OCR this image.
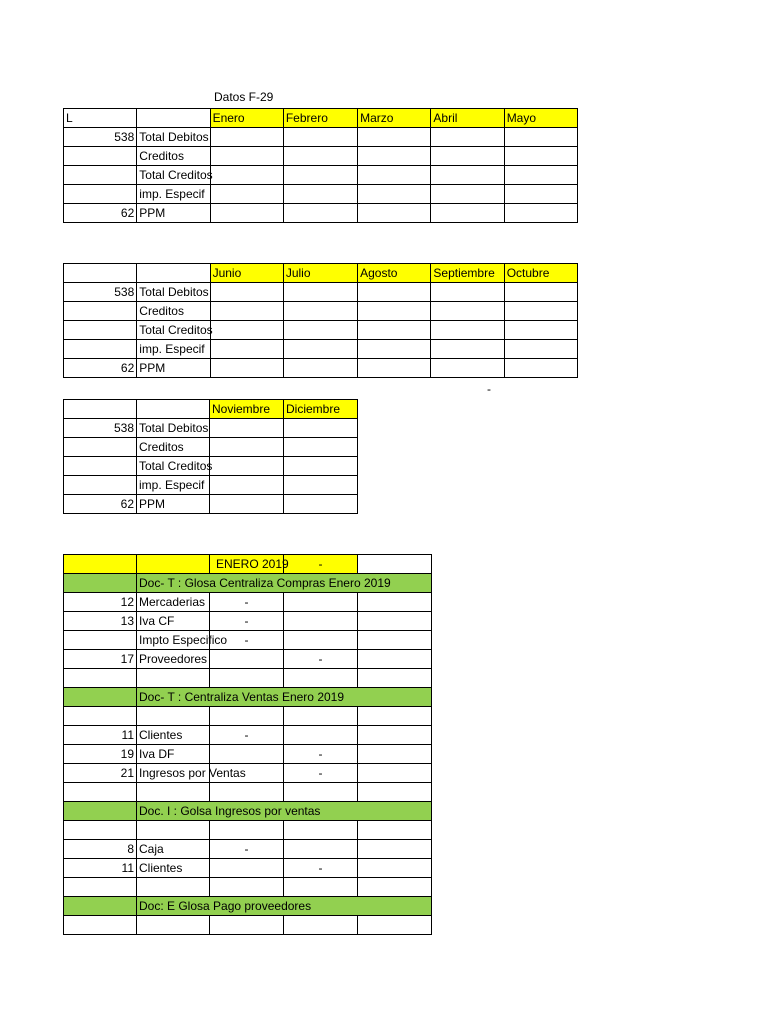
Datos F-29
L		Enero	Febrero	Marzo	Abril	Mayo
538	Total Debitos					
	Creditos					
	Total Creditos					
	imp. Especif					
62	PPM					
		Junio	Julio	Agosto	Septiembre	Octubre
538	Total Debitos					
	Creditos					
	Total Creditos					
	imp. Especif					
62	PPM					
-
		Noviembre	Diciembre
538	Total Debitos		
	Creditos		
	Total Creditos		
	imp. Especif		
62	PPM		
		ENERO 2019	-	
	Doc- T : Glosa Centraliza Compras Enero 2019			
12	Mercaderias	-		
13	Iva CF	-		
	Impto Especifico	-		
17	Proveedores		-	

	Doc- T : Centraliza Ventas Enero 2019			

11	Clientes	-		
19	Iva DF		-	
21	Ingresos por Ventas		-	

	Doc. I : Golsa Ingresos por ventas			

8	Caja	-		
11	Clientes		-	

	Doc: E Glosa Pago proveedores			
